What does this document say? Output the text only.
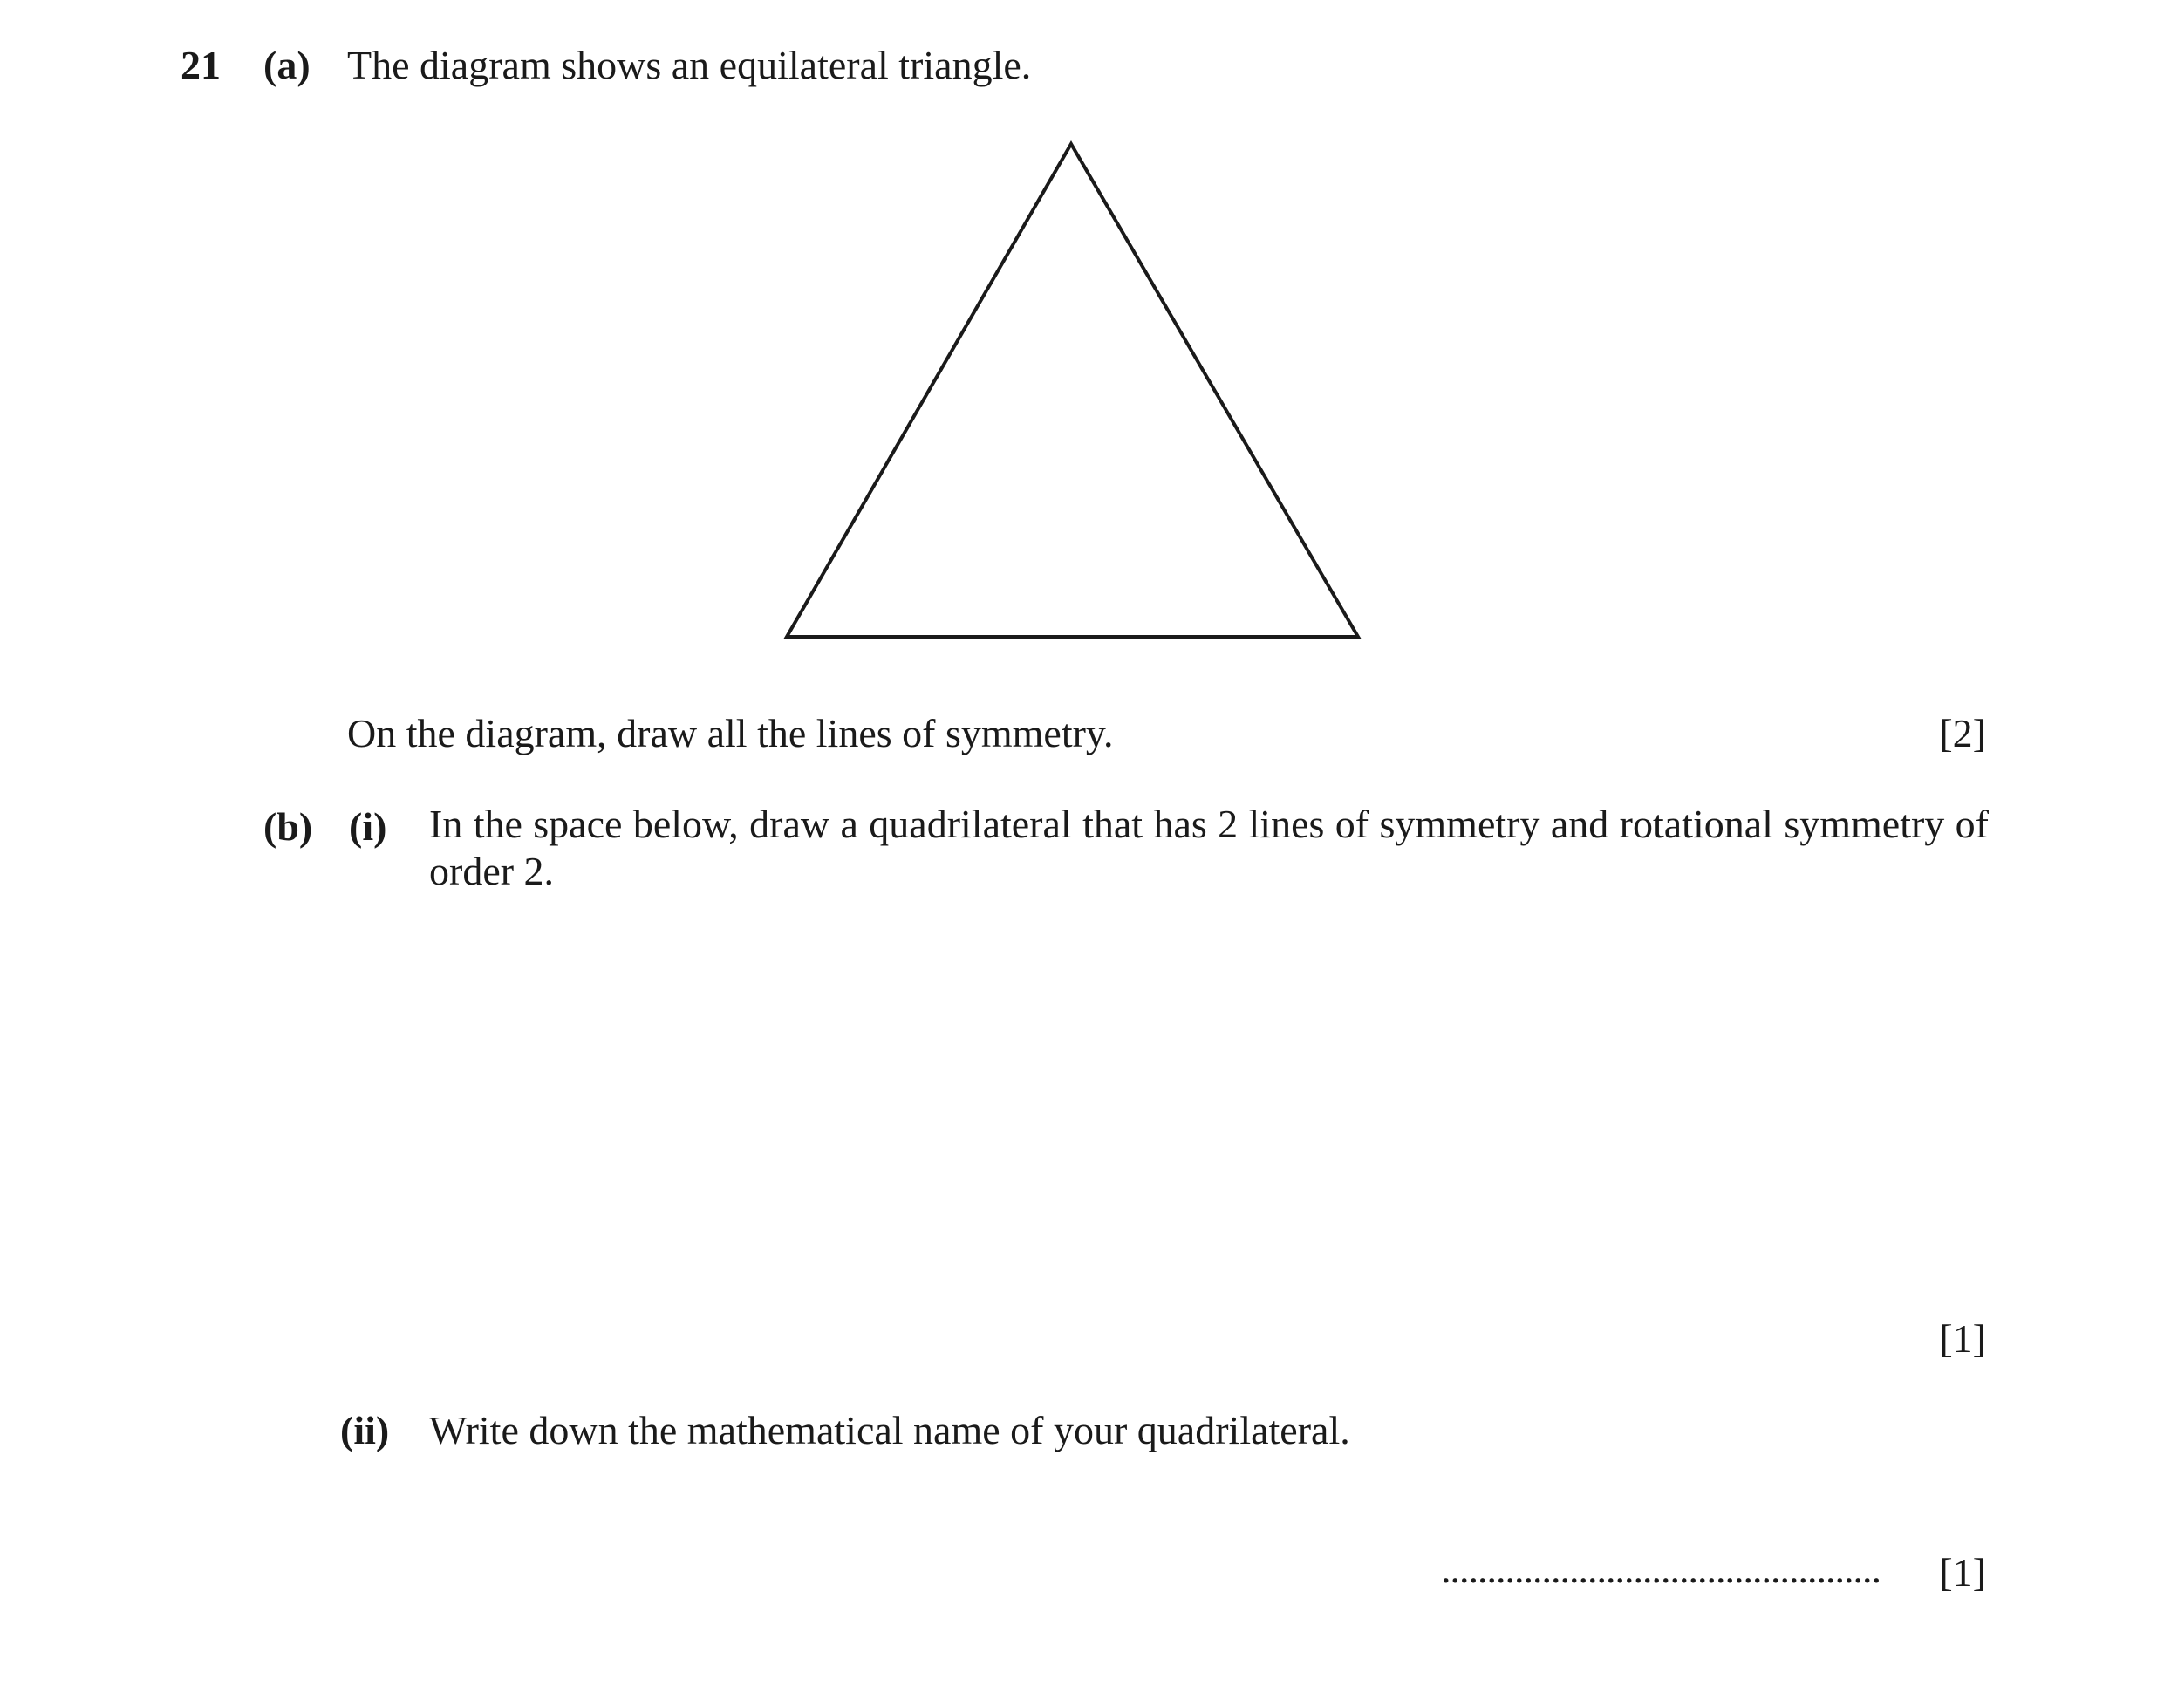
21 (a) The diagram shows an equilateral triangle.
On the diagram, draw all the lines of symmetry.	[2]
(b) (i) In the space below, draw a quadrilateral that has 2 lines of symmetry and rotational symmetry of order 2.
[1]
(ii) Write down the mathematical name of your quadrilateral.
................................................	[1]
